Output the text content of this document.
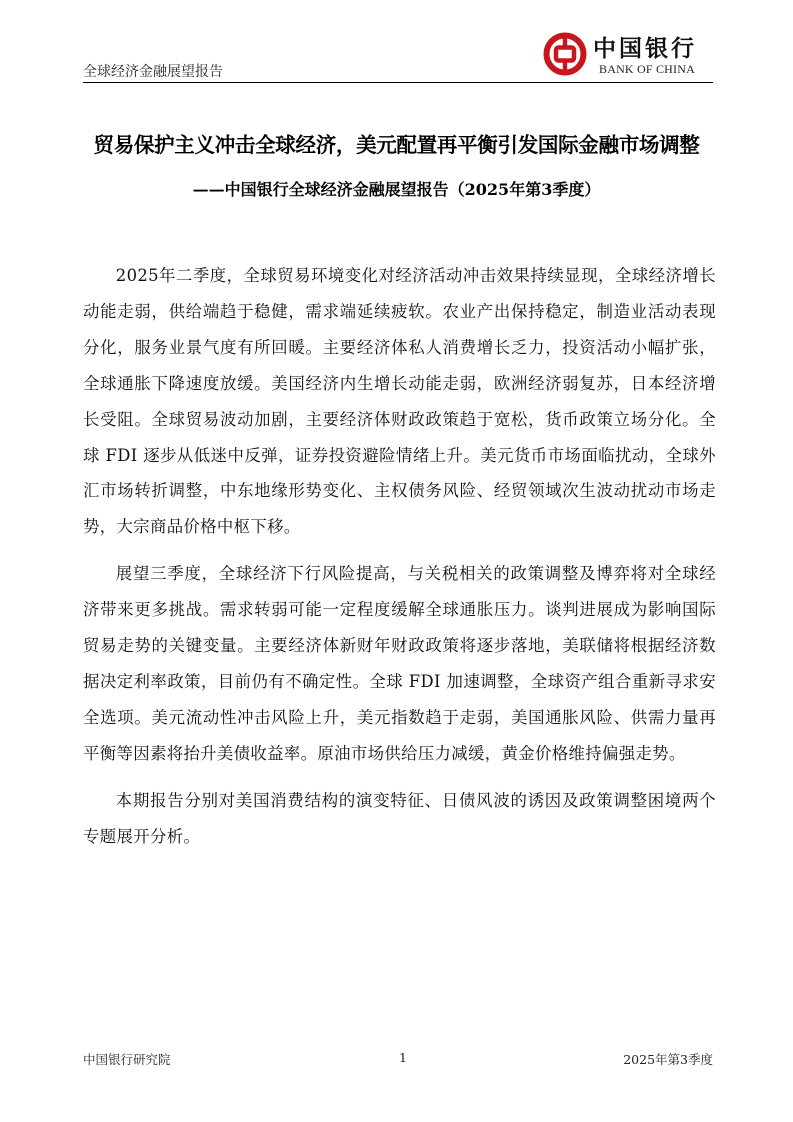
全球经济金融展望报告
中国银行
BANK OF CHINA
贸易保护主义冲击全球经济，美元配置再平衡引发国际金融市场调整
——中国银行全球经济金融展望报告（2025年第3季度）

2025年二季度，全球贸易环境变化对经济活动冲击效果持续显现，全球经济增长动能走弱，供给端趋于稳健，需求端延续疲软。农业产出保持稳定，制造业活动表现分化，服务业景气度有所回暖。主要经济体私人消费增长乏力，投资活动小幅扩张，全球通胀下降速度放缓。美国经济内生增长动能走弱，欧洲经济弱复苏，日本经济增长受阻。全球贸易波动加剧，主要经济体财政政策趋于宽松，货币政策立场分化。全球 FDI 逐步从低迷中反弹，证券投资避险情绪上升。美元货币市场面临扰动，全球外汇市场转折调整，中东地缘形势变化、主权债务风险、经贸领域次生波动扰动市场走势，大宗商品价格中枢下移。

展望三季度，全球经济下行风险提高，与关税相关的政策调整及博弈将对全球经济带来更多挑战。需求转弱可能一定程度缓解全球通胀压力。谈判进展成为影响国际贸易走势的关键变量。主要经济体新财年财政政策将逐步落地，美联储将根据经济数据决定利率政策，目前仍有不确定性。全球 FDI 加速调整，全球资产组合重新寻求安全选项。美元流动性冲击风险上升，美元指数趋于走弱，美国通胀风险、供需力量再平衡等因素将抬升美债收益率。原油市场供给压力减缓，黄金价格维持偏强走势。

本期报告分别对美国消费结构的演变特征、日债风波的诱因及政策调整困境两个专题展开分析。

中国银行研究院	1	2025年第3季度
